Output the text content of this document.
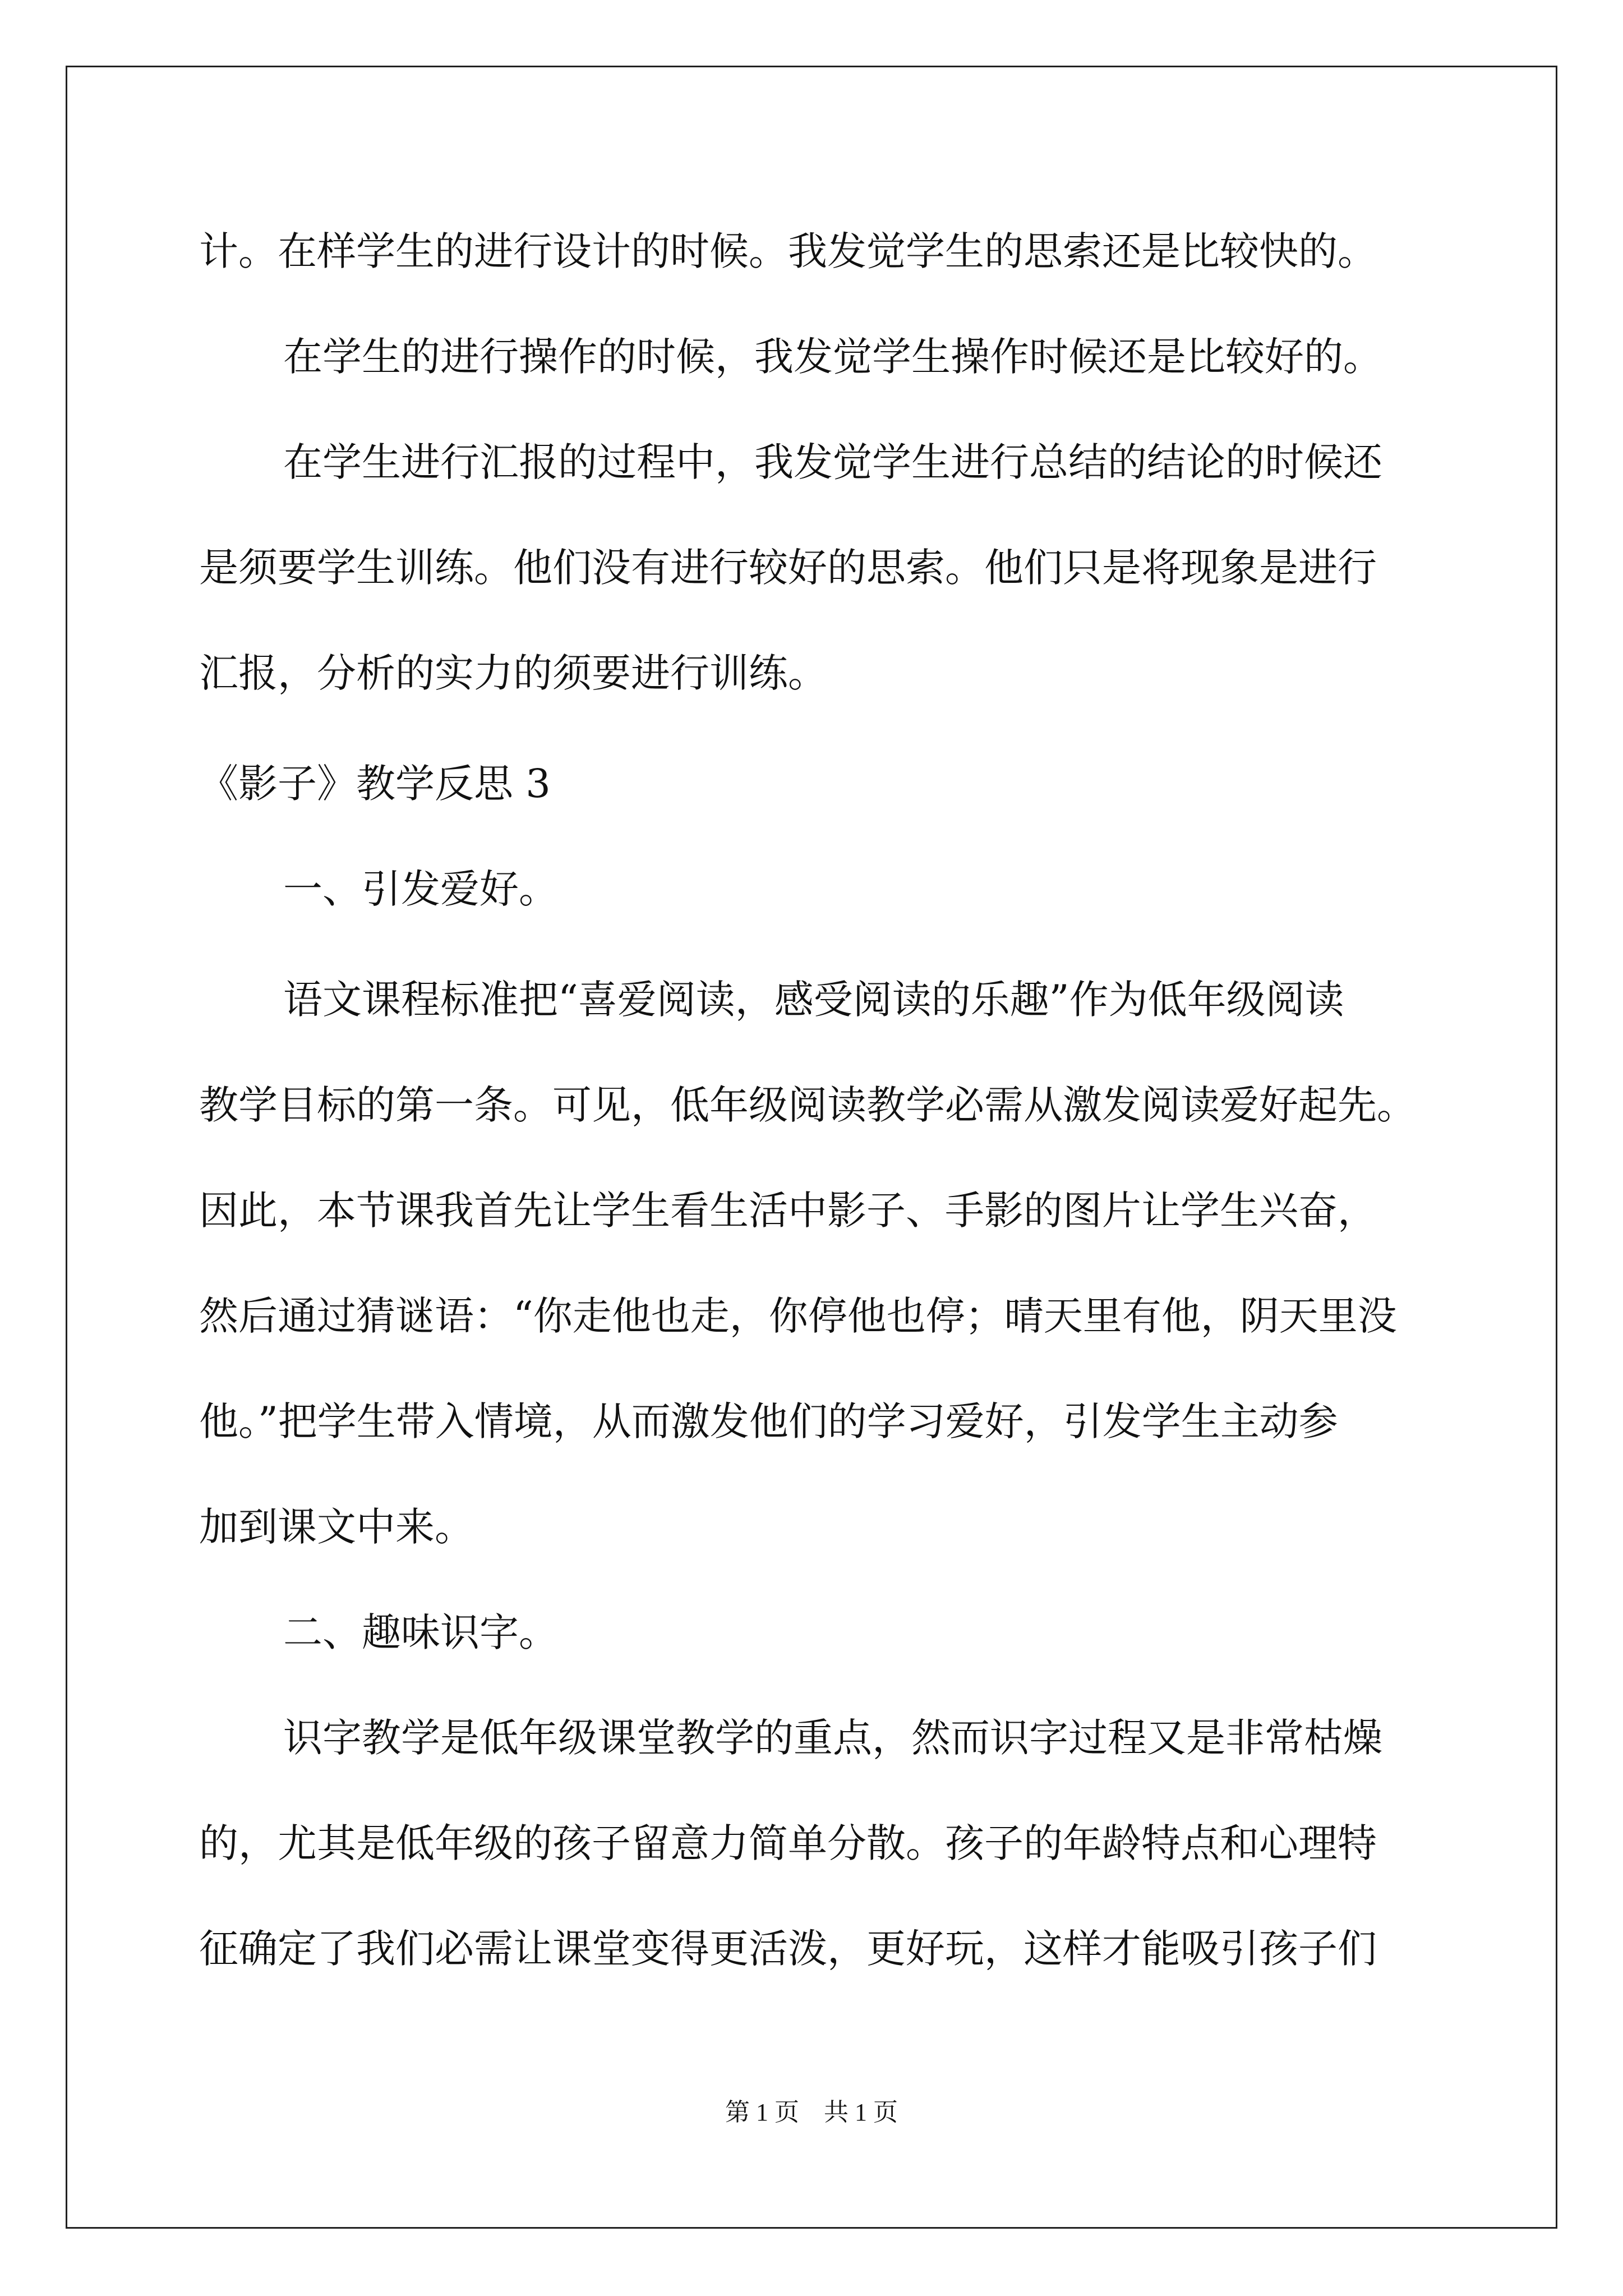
计。在样学生的进行设计的时候。我发觉学生的思索还是比较快的。
在学生的进行操作的时候，我发觉学生操作时候还是比较好的。
在学生进行汇报的过程中，我发觉学生进行总结的结论的时候还
是须要学生训练。他们没有进行较好的思索。他们只是将现象是进行
汇报，分析的实力的须要进行训练。
《影子》教学反思 3
一、引发爱好。
语文课程标准把“喜爱阅读，感受阅读的乐趣”作为低年级阅读
教学目标的第一条。可见，低年级阅读教学必需从激发阅读爱好起先。
因此，本节课我首先让学生看生活中影子、手影的图片让学生兴奋，
然后通过猜谜语：“你走他也走，你停他也停；晴天里有他，阴天里没
他。”把学生带入情境，从而激发他们的学习爱好，引发学生主动参
加到课文中来。
二、趣味识字。
识字教学是低年级课堂教学的重点，然而识字过程又是非常枯燥
的，尤其是低年级的孩子留意力简单分散。孩子的年龄特点和心理特
征确定了我们必需让课堂变得更活泼，更好玩，这样才能吸引孩子们
第 1 页　共 1 页
